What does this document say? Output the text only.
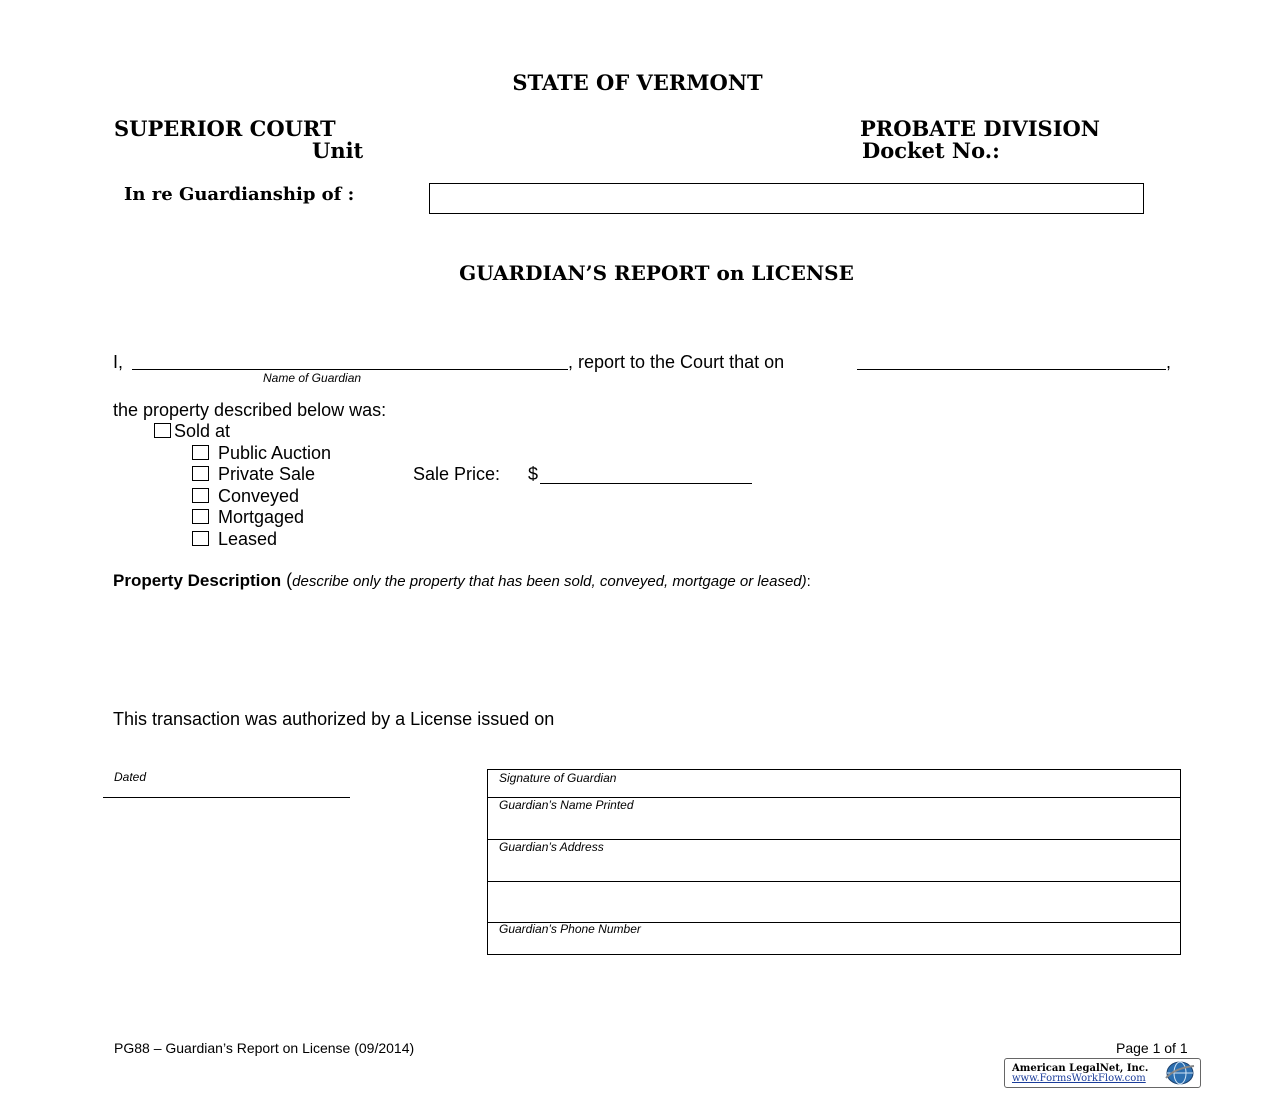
STATE OF VERMONT
SUPERIOR COURT
Unit
PROBATE DIVISION
Docket No.:
In re Guardianship of :
GUARDIAN’S REPORT on LICENSE
I,	, report to the Court that on	,
Name of Guardian
the property described below was:
Sold at
Public Auction
Private Sale	Sale Price: $
Conveyed
Mortgaged
Leased
Property Description (describe only the property that has been sold, conveyed, mortgage or leased):
This transaction was authorized by a License issued on
Dated	Signature of Guardian
Guardian’s Name Printed
Guardian’s Address
Guardian’s Phone Number
PG88 – Guardian’s Report on License (09/2014)	Page 1 of 1
American LegalNet, Inc.
www.FormsWorkFlow.com
